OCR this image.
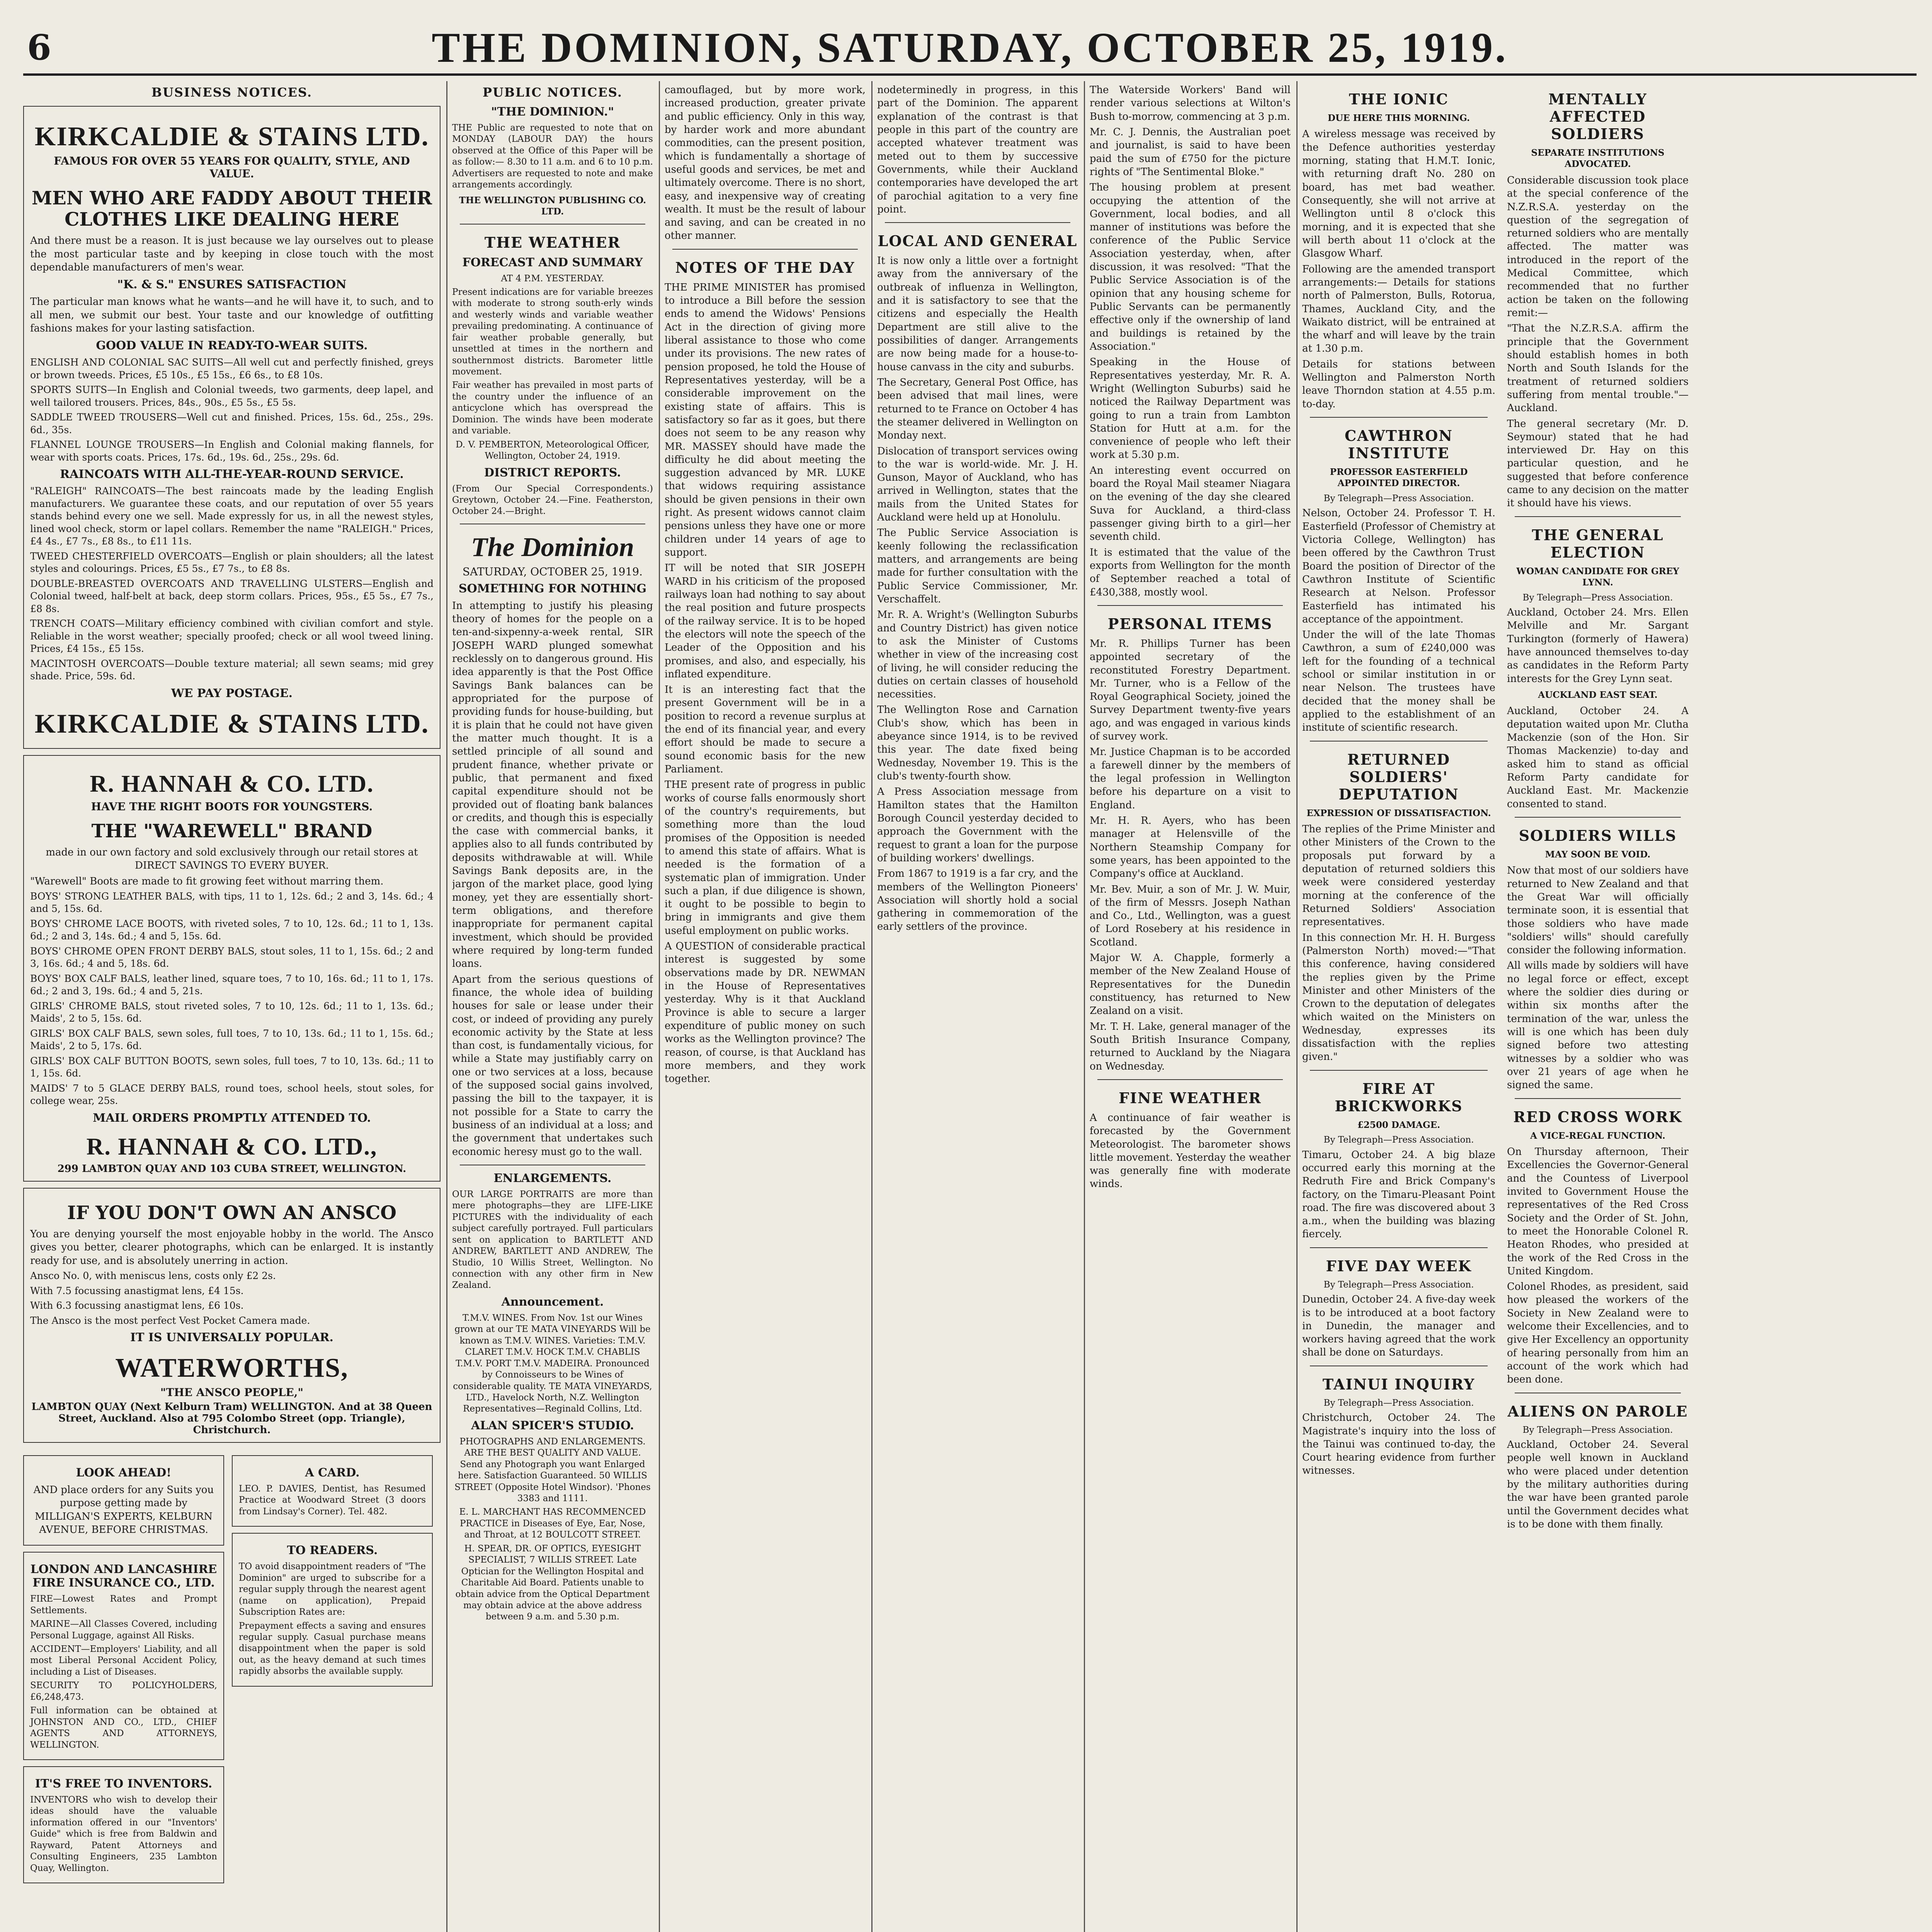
6	THE DOMINION, SATURDAY, OCTOBER 25, 1919.
BUSINESS NOTICES.
KIRKCALDIE & STAINS LTD.
FAMOUS FOR OVER 55 YEARS FOR QUALITY, STYLE, AND VALUE.
MEN WHO ARE FADDY ABOUT THEIR CLOTHES LIKE DEALING HERE
And there must be a reason. It is just because we lay ourselves out to please the most particular taste and by keeping in close touch with the most dependable manufacturers of men's wear.
"K. & S." ENSURES SATISFACTION
The particular man knows what he wants—and he will have it, to such, and to all men, we submit our best. Your taste and our knowledge of outfitting fashions makes for your lasting satisfaction.
GOOD VALUE IN READY-TO-WEAR SUITS.
ENGLISH AND COLONIAL SAC SUITS—All well cut and perfectly finished, greys or brown tweeds. Prices, £5 10s., £5 15s., £6 6s., to £8 10s.
SPORTS SUITS—In English and Colonial tweeds, two garments, deep lapel, and well tailored trousers. Prices, 84s., 90s., £5 5s., £5 5s.
SADDLE TWEED TROUSERS—Well cut and finished. Prices, 15s. 6d., 25s., 29s. 6d., 35s.
FLANNEL LOUNGE TROUSERS—In English and Colonial making flannels, for wear with sports coats. Prices, 17s. 6d., 19s. 6d., 25s., 29s. 6d.
RAINCOATS WITH ALL-THE-YEAR-ROUND SERVICE.
"RALEIGH" RAINCOATS—The best raincoats made by the leading English manufacturers. We guarantee these coats, and our reputation of over 55 years stands behind every one we sell. Made expressly for us, in all the newest styles, lined wool check, storm or lapel collars. Remember the name "RALEIGH." Prices, £4 4s., £7 7s., £8 8s., to £11 11s.
TWEED CHESTERFIELD OVERCOATS—English or plain shoulders; all the latest styles and colourings. Prices, £5 5s., £7 7s., to £8 8s.
DOUBLE-BREASTED OVERCOATS AND TRAVELLING ULSTERS—English and Colonial tweed, half-belt at back, deep storm collars. Prices, 95s., £5 5s., £7 7s., £8 8s.
TRENCH COATS—Military efficiency combined with civilian comfort and style. Reliable in the worst weather; specially proofed; check or all wool tweed lining. Prices, £4 15s., £5 15s.
MACINTOSH OVERCOATS—Double texture material; all sewn seams; mid grey shade. Price, 59s. 6d.
WE PAY POSTAGE.
KIRKCALDIE & STAINS LTD.
R. HANNAH & CO. LTD.
HAVE THE RIGHT BOOTS FOR YOUNGSTERS.
THE "WAREWELL" BRAND
made in our own factory and sold exclusively through our retail stores at DIRECT SAVINGS TO EVERY BUYER.
"Warewell" Boots are made to fit growing feet without marring them.
BOYS' STRONG LEATHER BALS, with tips, 11 to 1, 12s. 6d.; 2 and 3, 14s. 6d.; 4 and 5, 15s. 6d.
BOYS' CHROME LACE BOOTS, with riveted soles, 7 to 10, 12s. 6d.; 11 to 1, 13s. 6d.; 2 and 3, 14s. 6d.; 4 and 5, 15s. 6d.
BOYS' CHROME OPEN FRONT DERBY BALS, stout soles, 11 to 1, 15s. 6d.; 2 and 3, 16s. 6d.; 4 and 5, 18s. 6d.
BOYS' BOX CALF BALS, leather lined, square toes, 7 to 10, 16s. 6d.; 11 to 1, 17s. 6d.; 2 and 3, 19s. 6d.; 4 and 5, 21s.
GIRLS' CHROME BALS, stout riveted soles, 7 to 10, 12s. 6d.; 11 to 1, 13s. 6d.; Maids', 2 to 5, 15s. 6d.
GIRLS' BOX CALF BALS, sewn soles, full toes, 7 to 10, 13s. 6d.; 11 to 1, 15s. 6d.; Maids', 2 to 5, 17s. 6d.
GIRLS' BOX CALF BUTTON BOOTS, sewn soles, full toes, 7 to 10, 13s. 6d.; 11 to 1, 15s. 6d.
MAIDS' 7 to 5 GLACE DERBY BALS, round toes, school heels, stout soles, for college wear, 25s.
MAIL ORDERS PROMPTLY ATTENDED TO.
R. HANNAH & CO. LTD.,
299 LAMBTON QUAY AND 103 CUBA STREET, WELLINGTON.
IF YOU DON'T OWN AN ANSCO
You are denying yourself the most enjoyable hobby in the world. The Ansco gives you better, clearer photographs, which can be enlarged. It is instantly ready for use, and is absolutely unerring in action.
Ansco No. 0, with meniscus lens, costs only £2 2s.
With 7.5 focussing anastigmat lens, £4 15s.
With 6.3 focussing anastigmat lens, £6 10s.
The Ansco is the most perfect Vest Pocket Camera made.
IT IS UNIVERSALLY POPULAR.
WATERWORTHS,
"THE ANSCO PEOPLE,"
LAMBTON QUAY (Next Kelburn Tram) WELLINGTON. And at 38 Queen Street, Auckland. Also at 795 Colombo Street (opp. Triangle), Christchurch.
LOOK AHEAD!
AND place orders for any Suits you purpose getting made by MILLIGAN'S EXPERTS, KELBURN AVENUE, BEFORE CHRISTMAS.
LONDON AND LANCASHIRE FIRE INSURANCE CO., LTD.
FIRE—Lowest Rates and Prompt Settlements.
MARINE—All Classes Covered, including Personal Luggage, against All Risks.
ACCIDENT—Employers' Liability, and all most Liberal Personal Accident Policy, including a List of Diseases.
SECURITY TO POLICYHOLDERS, £6,248,473.
Full information can be obtained at JOHNSTON AND CO., LTD., CHIEF AGENTS AND ATTORNEYS, WELLINGTON.
IT'S FREE TO INVENTORS.
INVENTORS who wish to develop their ideas should have the valuable information offered in our "Inventors' Guide" which is free from Baldwin and Rayward, Patent Attorneys and Consulting Engineers, 235 Lambton Quay, Wellington.
A CARD.
LEO. P. DAVIES, Dentist, has Resumed Practice at Woodward Street (3 doors from Lindsay's Corner). Tel. 482.
TO READERS.
TO avoid disappointment readers of "The Dominion" are urged to subscribe for a regular supply through the nearest agent (name on application), Prepaid Subscription Rates are:
Prepayment effects a saving and ensures regular supply. Casual purchase means disappointment when the paper is sold out, as the heavy demand at such times rapidly absorbs the available supply.
PUBLIC NOTICES.
"THE DOMINION."
THE Public are requested to note that on MONDAY (LABOUR DAY) the hours observed at the Office of this Paper will be as follow:— 8.30 to 11 a.m. and 6 to 10 p.m. Advertisers are requested to note and make arrangements accordingly.
THE WELLINGTON PUBLISHING CO. LTD.
THE WEATHER
FORECAST AND SUMMARY
AT 4 P.M. YESTERDAY.
Present indications are for variable breezes with moderate to strong south-erly winds and westerly winds and variable weather prevailing predominating. A continuance of fair weather probable generally, but unsettled at times in the northern and southernmost districts. Barometer little movement.
Fair weather has prevailed in most parts of the country under the influence of an anticyclone which has overspread the Dominion. The winds have been moderate and variable.
D. V. PEMBERTON, Meteorological Officer, Wellington, October 24, 1919.
DISTRICT REPORTS.
(From Our Special Correspondents.) Greytown, October 24.—Fine. Featherston, October 24.—Bright.
The Dominion
SATURDAY, OCTOBER 25, 1919.
SOMETHING FOR NOTHING
In attempting to justify his pleasing theory of homes for the people on a ten-and-sixpenny-a-week rental, SIR JOSEPH WARD plunged somewhat recklessly on to dangerous ground. His idea apparently is that the Post Office Savings Bank balances can be appropriated for the purpose of providing funds for house-building, but it is plain that he could not have given the matter much thought. It is a settled principle of all sound and prudent finance, whether private or public, that permanent and fixed capital expenditure should not be provided out of floating bank balances or credits, and though this is especially the case with commercial banks, it applies also to all funds contributed by deposits withdrawable at will. While Savings Bank deposits are, in the jargon of the market place, good lying money, yet they are essentially short-term obligations, and therefore inappropriate for permanent capital investment, which should be provided where required by long-term funded loans.
Apart from the serious questions of finance, the whole idea of building houses for sale or lease under their cost, or indeed of providing any purely economic activity by the State at less than cost, is fundamentally vicious, for while a State may justifiably carry on one or two services at a loss, because of the supposed social gains involved, passing the bill to the taxpayer, it is not possible for a State to carry the business of an individual at a loss; and the government that undertakes such economic heresy must go to the wall.
ENLARGEMENTS.
OUR LARGE PORTRAITS are more than mere photographs—they are LIFE-LIKE PICTURES with the individuality of each subject carefully portrayed. Full particulars sent on application to BARTLETT AND ANDREW, BARTLETT AND ANDREW, The Studio, 10 Willis Street, Wellington. No connection with any other firm in New Zealand.
Announcement.
T.M.V. WINES. From Nov. 1st our Wines grown at our TE MATA VINEYARDS Will be known as T.M.V. WINES. Varieties: T.M.V. CLARET T.M.V. HOCK T.M.V. CHABLIS T.M.V. PORT T.M.V. MADEIRA. Pronounced by Connoisseurs to be Wines of considerable quality. TE MATA VINEYARDS, LTD., Havelock North, N.Z. Wellington Representatives—Reginald Collins, Ltd.
ALAN SPICER'S STUDIO.
PHOTOGRAPHS AND ENLARGEMENTS. ARE THE BEST QUALITY AND VALUE. Send any Photograph you want Enlarged here. Satisfaction Guaranteed. 50 WILLIS STREET (Opposite Hotel Windsor). 'Phones 3383 and 1111.
E. L. MARCHANT HAS RECOMMENCED PRACTICE in Diseases of Eye, Ear, Nose, and Throat, at 12 BOULCOTT STREET.
H. SPEAR, DR. OF OPTICS, EYESIGHT SPECIALIST, 7 WILLIS STREET. Late Optician for the Wellington Hospital and Charitable Aid Board. Patients unable to obtain advice from the Optical Department may obtain advice at the above address between 9 a.m. and 5.30 p.m.
camouflaged, but by more work, increased production, greater private and public efficiency. Only in this way, by harder work and more abundant commodities, can the present position, which is fundamentally a shortage of useful goods and services, be met and ultimately overcome. There is no short, easy, and inexpensive way of creating wealth. It must be the result of labour and saving, and can be created in no other manner.
NOTES OF THE DAY
THE PRIME MINISTER has promised to introduce a Bill before the session ends to amend the Widows' Pensions Act in the direction of giving more liberal assistance to those who come under its provisions. The new rates of pension proposed, he told the House of Representatives yesterday, will be a considerable improvement on the existing state of affairs. This is satisfactory so far as it goes, but there does not seem to be any reason why MR. MASSEY should have made the difficulty he did about meeting the suggestion advanced by MR. LUKE that widows requiring assistance should be given pensions in their own right. As present widows cannot claim pensions unless they have one or more children under 14 years of age to support.
IT will be noted that SIR JOSEPH WARD in his criticism of the proposed railways loan had nothing to say about the real position and future prospects of the railway service. It is to be hoped the electors will note the speech of the Leader of the Opposition and his promises, and also, and especially, his inflated expenditure.
It is an interesting fact that the present Government will be in a position to record a revenue surplus at the end of its financial year, and every effort should be made to secure a sound economic basis for the new Parliament.
THE present rate of progress in public works of course falls enormously short of the country's requirements, but something more than the loud promises of the Opposition is needed to amend this state of affairs. What is needed is the formation of a systematic plan of immigration. Under such a plan, if due diligence is shown, it ought to be possible to begin to bring in immigrants and give them useful employment on public works.
A QUESTION of considerable practical interest is suggested by some observations made by DR. NEWMAN in the House of Representatives yesterday. Why is it that Auckland Province is able to secure a larger expenditure of public money on such works as the Wellington province? The reason, of course, is that Auckland has more members, and they work together.
nodeterminedly in progress, in this part of the Dominion. The apparent explanation of the contrast is that people in this part of the country are accepted whatever treatment was meted out to them by successive Governments, while their Auckland contemporaries have developed the art of parochial agitation to a very fine point.
LOCAL AND GENERAL
It is now only a little over a fortnight away from the anniversary of the outbreak of influenza in Wellington, and it is satisfactory to see that the citizens and especially the Health Department are still alive to the possibilities of danger. Arrangements are now being made for a house-to-house canvass in the city and suburbs.
The Secretary, General Post Office, has been advised that mail lines, were returned to te France on October 4 has the steamer delivered in Wellington on Monday next.
Dislocation of transport services owing to the war is world-wide. Mr. J. H. Gunson, Mayor of Auckland, who has arrived in Wellington, states that the mails from the United States for Auckland were held up at Honolulu.
The Public Service Association is keenly following the reclassification matters, and arrangements are being made for further consultation with the Public Service Commissioner, Mr. Verschaffelt.
Mr. R. A. Wright's (Wellington Suburbs and Country District) has given notice to ask the Minister of Customs whether in view of the increasing cost of living, he will consider reducing the duties on certain classes of household necessities.
The Wellington Rose and Carnation Club's show, which has been in abeyance since 1914, is to be revived this year. The date fixed being Wednesday, November 19. This is the club's twenty-fourth show.
A Press Association message from Hamilton states that the Hamilton Borough Council yesterday decided to approach the Government with the request to grant a loan for the purpose of building workers' dwellings.
From 1867 to 1919 is a far cry, and the members of the Wellington Pioneers' Association will shortly hold a social gathering in commemoration of the early settlers of the province.
The Waterside Workers' Band will render various selections at Wilton's Bush to-morrow, commencing at 3 p.m.
Mr. C. J. Dennis, the Australian poet and journalist, is said to have been paid the sum of £750 for the picture rights of "The Sentimental Bloke."
The housing problem at present occupying the attention of the Government, local bodies, and all manner of institutions was before the conference of the Public Service Association yesterday, when, after discussion, it was resolved: "That the Public Service Association is of the opinion that any housing scheme for Public Servants can be permanently effective only if the ownership of land and buildings is retained by the Association."
Speaking in the House of Representatives yesterday, Mr. R. A. Wright (Wellington Suburbs) said he noticed the Railway Department was going to run a train from Lambton Station for Hutt at a.m. for the convenience of people who left their work at 5.30 p.m.
An interesting event occurred on board the Royal Mail steamer Niagara on the evening of the day she cleared Suva for Auckland, a third-class passenger giving birth to a girl—her seventh child.
It is estimated that the value of the exports from Wellington for the month of September reached a total of £430,388, mostly wool.
PERSONAL ITEMS
Mr. R. Phillips Turner has been appointed secretary of the reconstituted Forestry Department. Mr. Turner, who is a Fellow of the Royal Geographical Society, joined the Survey Department twenty-five years ago, and was engaged in various kinds of survey work.
Mr. Justice Chapman is to be accorded a farewell dinner by the members of the legal profession in Wellington before his departure on a visit to England.
Mr. H. R. Ayers, who has been manager at Helensville of the Northern Steamship Company for some years, has been appointed to the Company's office at Auckland.
Mr. Bev. Muir, a son of Mr. J. W. Muir, of the firm of Messrs. Joseph Nathan and Co., Ltd., Wellington, was a guest of Lord Rosebery at his residence in Scotland.
Major W. A. Chapple, formerly a member of the New Zealand House of Representatives for the Dunedin constituency, has returned to New Zealand on a visit.
Mr. T. H. Lake, general manager of the South British Insurance Company, returned to Auckland by the Niagara on Wednesday.
FINE WEATHER
A continuance of fair weather is forecasted by the Government Meteorologist. The barometer shows little movement. Yesterday the weather was generally fine with moderate winds.
THE IONIC
DUE HERE THIS MORNING.
A wireless message was received by the Defence authorities yesterday morning, stating that H.M.T. Ionic, with returning draft No. 280 on board, has met bad weather. Consequently, she will not arrive at Wellington until 8 o'clock this morning, and it is expected that she will berth about 11 o'clock at the Glasgow Wharf.
Following are the amended transport arrangements:— Details for stations north of Palmerston, Bulls, Rotorua, Thames, Auckland City, and the Waikato district, will be entrained at the wharf and will leave by the train at 1.30 p.m.
Details for stations between Wellington and Palmerston North leave Thorndon station at 4.55 p.m. to-day.
CAWTHRON INSTITUTE
PROFESSOR EASTERFIELD APPOINTED DIRECTOR.
By Telegraph—Press Association.
Nelson, October 24. Professor T. H. Easterfield (Professor of Chemistry at Victoria College, Wellington) has been offered by the Cawthron Trust Board the position of Director of the Cawthron Institute of Scientific Research at Nelson. Professor Easterfield has intimated his acceptance of the appointment.
Under the will of the late Thomas Cawthron, a sum of £240,000 was left for the founding of a technical school or similar institution in or near Nelson. The trustees have decided that the money shall be applied to the establishment of an institute of scientific research.
RETURNED SOLDIERS' DEPUTATION
EXPRESSION OF DISSATISFACTION.
The replies of the Prime Minister and other Ministers of the Crown to the proposals put forward by a deputation of returned soldiers this week were considered yesterday morning at the conference of the Returned Soldiers' Association representatives.
In this connection Mr. H. H. Burgess (Palmerston North) moved:—"That this conference, having considered the replies given by the Prime Minister and other Ministers of the Crown to the deputation of delegates which waited on the Ministers on Wednesday, expresses its dissatisfaction with the replies given."
FIRE AT BRICKWORKS
£2500 DAMAGE.
By Telegraph—Press Association.
Timaru, October 24. A big blaze occurred early this morning at the Redruth Fire and Brick Company's factory, on the Timaru-Pleasant Point road. The fire was discovered about 3 a.m., when the building was blazing fiercely.
FIVE DAY WEEK
By Telegraph—Press Association.
Dunedin, October 24. A five-day week is to be introduced at a boot factory in Dunedin, the manager and workers having agreed that the work shall be done on Saturdays.
TAINUI INQUIRY
By Telegraph—Press Association.
Christchurch, October 24. The Magistrate's inquiry into the loss of the Tainui was continued to-day, the Court hearing evidence from further witnesses.
MENTALLY AFFECTED SOLDIERS
SEPARATE INSTITUTIONS ADVOCATED.
Considerable discussion took place at the special conference of the N.Z.R.S.A. yesterday on the question of the segregation of returned soldiers who are mentally affected. The matter was introduced in the report of the Medical Committee, which recommended that no further action be taken on the following remit:—
"That the N.Z.R.S.A. affirm the principle that the Government should establish homes in both North and South Islands for the treatment of returned soldiers suffering from mental trouble."—Auckland.
The general secretary (Mr. D. Seymour) stated that he had interviewed Dr. Hay on this particular question, and he suggested that before conference came to any decision on the matter it should have his views.
THE GENERAL ELECTION
WOMAN CANDIDATE FOR GREY LYNN.
By Telegraph—Press Association.
Auckland, October 24. Mrs. Ellen Melville and Mr. Sargant Turkington (formerly of Hawera) have announced themselves to-day as candidates in the Reform Party interests for the Grey Lynn seat.
AUCKLAND EAST SEAT.
Auckland, October 24. A deputation waited upon Mr. Clutha Mackenzie (son of the Hon. Sir Thomas Mackenzie) to-day and asked him to stand as official Reform Party candidate for Auckland East. Mr. Mackenzie consented to stand.
SOLDIERS WILLS
MAY SOON BE VOID.
Now that most of our soldiers have returned to New Zealand and that the Great War will officially terminate soon, it is essential that those soldiers who have made "soldiers' wills" should carefully consider the following information.
All wills made by soldiers will have no legal force or effect, except where the soldier dies during or within six months after the termination of the war, unless the will is one which has been duly signed before two attesting witnesses by a soldier who was over 21 years of age when he signed the same.
RED CROSS WORK
A VICE-REGAL FUNCTION.
On Thursday afternoon, Their Excellencies the Governor-General and the Countess of Liverpool invited to Government House the representatives of the Red Cross Society and the Order of St. John, to meet the Honorable Colonel R. Heaton Rhodes, who presided at the work of the Red Cross in the United Kingdom.
Colonel Rhodes, as president, said how pleased the workers of the Society in New Zealand were to welcome their Excellencies, and to give Her Excellency an opportunity of hearing personally from him an account of the work which had been done.
ALIENS ON PAROLE
By Telegraph—Press Association.
Auckland, October 24. Several people well known in Auckland who were placed under detention by the military authorities during the war have been granted parole until the Government decides what is to be done with them finally.
